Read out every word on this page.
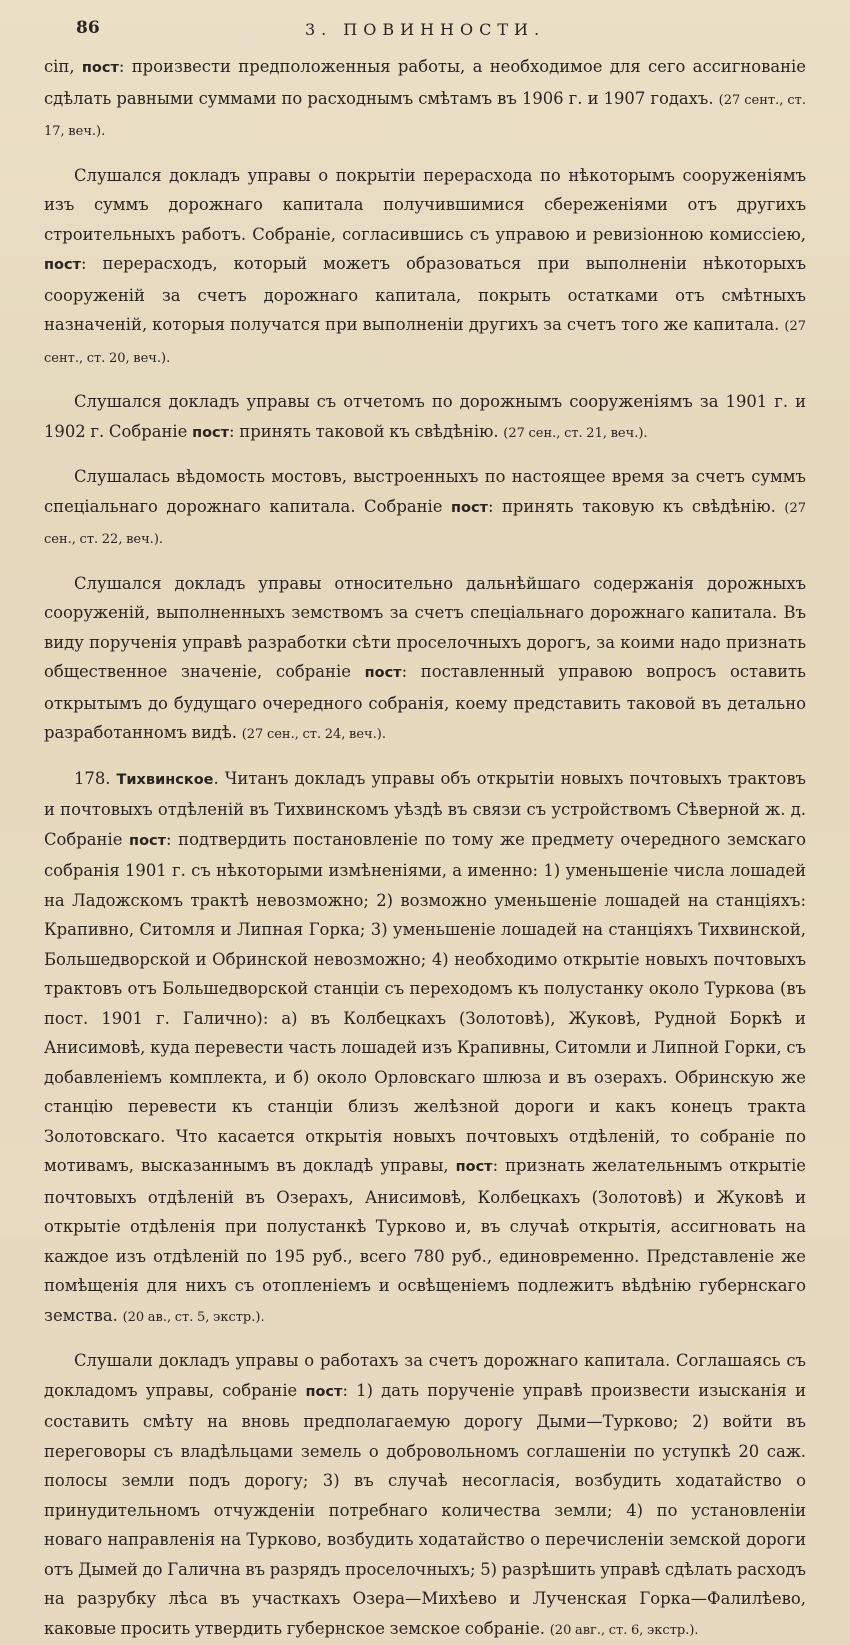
86	3. ПОВИННОСТИ.

сіп, пост: произвести предположенныя работы, а необходимое для сего ассигнованіе сдѣлать равными суммами по расходнымъ смѣтамъ въ 1906 г. и 1907 годахъ. (27 сент., ст. 17, веч.).

Слушался докладъ управы о покрытіи перерасхода по нѣкоторымъ сооруженіямъ изъ суммъ дорожнаго капитала получившимися сбереженіями отъ другихъ строительныхъ работъ. Собраніе, согласившись съ управою и ревизіонною комиссіею, пост: перерасходъ, который можетъ образоваться при выполненіи нѣкоторыхъ сооруженій за счетъ дорожнаго капитала, покрыть остатками отъ смѣтныхъ назначеній, которыя получатся при выполненіи другихъ за счетъ того же капитала. (27 сент., ст. 20, веч.).

Слушался докладъ управы съ отчетомъ по дорожнымъ сооруженіямъ за 1901 г. и 1902 г. Собраніе пост: принять таковой къ свѣдѣнію. (27 сен., ст. 21, веч.).

Слушалась вѣдомость мостовъ, выстроенныхъ по настоящее время за счетъ суммъ спеціальнаго дорожнаго капитала. Собраніе пост: принять таковую къ свѣдѣнію. (27 сен., ст. 22, веч.).

Слушался докладъ управы относительно дальнѣйшаго содержанія дорожныхъ сооруженій, выполненныхъ земствомъ за счетъ спеціальнаго дорожнаго капитала. Въ виду порученія управѣ разработки сѣти проселочныхъ дорогъ, за коими надо признать общественное значеніе, собраніе пост: поставленный управою вопросъ оставить открытымъ до будущаго очередного собранія, коему представить таковой въ детально разработанномъ видѣ. (27 сен., ст. 24, веч.).

178. Тихвинское. Читанъ докладъ управы объ открытіи новыхъ почтовыхъ трактовъ и почтовыхъ отдѣленій въ Тихвинскомъ уѣздѣ въ связи съ устройствомъ Сѣверной ж. д. Собраніе пост: подтвердить постановленіе по тому же предмету очередного земскаго собранія 1901 г. съ нѣкоторыми измѣненіями, а именно: 1) уменьшеніе числа лошадей на Ладожскомъ трактѣ невозможно; 2) возможно уменьшеніе лошадей на станціяхъ: Крапивно, Ситомля и Липная Горка; 3) уменьшеніе лошадей на станціяхъ Тихвинской, Большедворской и Обринской невозможно; 4) необходимо открытіе новыхъ почтовыхъ трактовъ отъ Большедворской станціи съ переходомъ къ полустанку около Туркова (въ пост. 1901 г. Галично): а) въ Колбецкахъ (Золотовѣ), Жуковѣ, Рудной Боркѣ и Анисимовѣ, куда перевести часть лошадей изъ Крапивны, Ситомли и Липной Горки, съ добавленіемъ комплекта, и б) около Орловскаго шлюза и въ озерахъ. Обринскую же станцію перевести къ станціи близъ желѣзной дороги и какъ конецъ тракта Золотовскаго. Что касается открытія новыхъ почтовыхъ отдѣленій, то собраніе по мотивамъ, высказаннымъ въ докладѣ управы, пост: признать желательнымъ открытіе почтовыхъ отдѣленій въ Озерахъ, Анисимовѣ, Колбецкахъ (Золотовѣ) и Жуковѣ и открытіе отдѣленія при полустанкѣ Турково и, въ случаѣ открытія, ассигновать на каждое изъ отдѣленій по 195 руб., всего 780 руб., единовременно. Представленіе же помѣщенія для нихъ съ отопленіемъ и освѣщеніемъ подлежитъ вѣдѣнію губернскаго земства. (20 ав., ст. 5, экстр.).

Слушали докладъ управы о работахъ за счетъ дорожнаго капитала. Соглашаясь съ докладомъ управы, собраніе пост: 1) дать порученіе управѣ произвести изысканія и составить смѣту на вновь предполагаемую дорогу Дыми—Турково; 2) войти въ переговоры съ владѣльцами земель о добровольномъ соглашеніи по уступкѣ 20 саж. полосы земли подъ дорогу; 3) въ случаѣ несогласія, возбудить ходатайство о принудительномъ отчужденіи потребнаго количества земли; 4) по установленіи новаго направленія на Турково, возбудить ходатайство о перечисленіи земской дороги отъ Дымей до Галична въ разрядъ проселочныхъ; 5) разрѣшить управѣ сдѣлать расходъ на разрубку лѣса въ участкахъ Озера—Михѣево и Лученская Горка—Фалилѣево, каковые просить утвердить губернское земское собраніе. (20 авг., ст. 6, экстр.).
